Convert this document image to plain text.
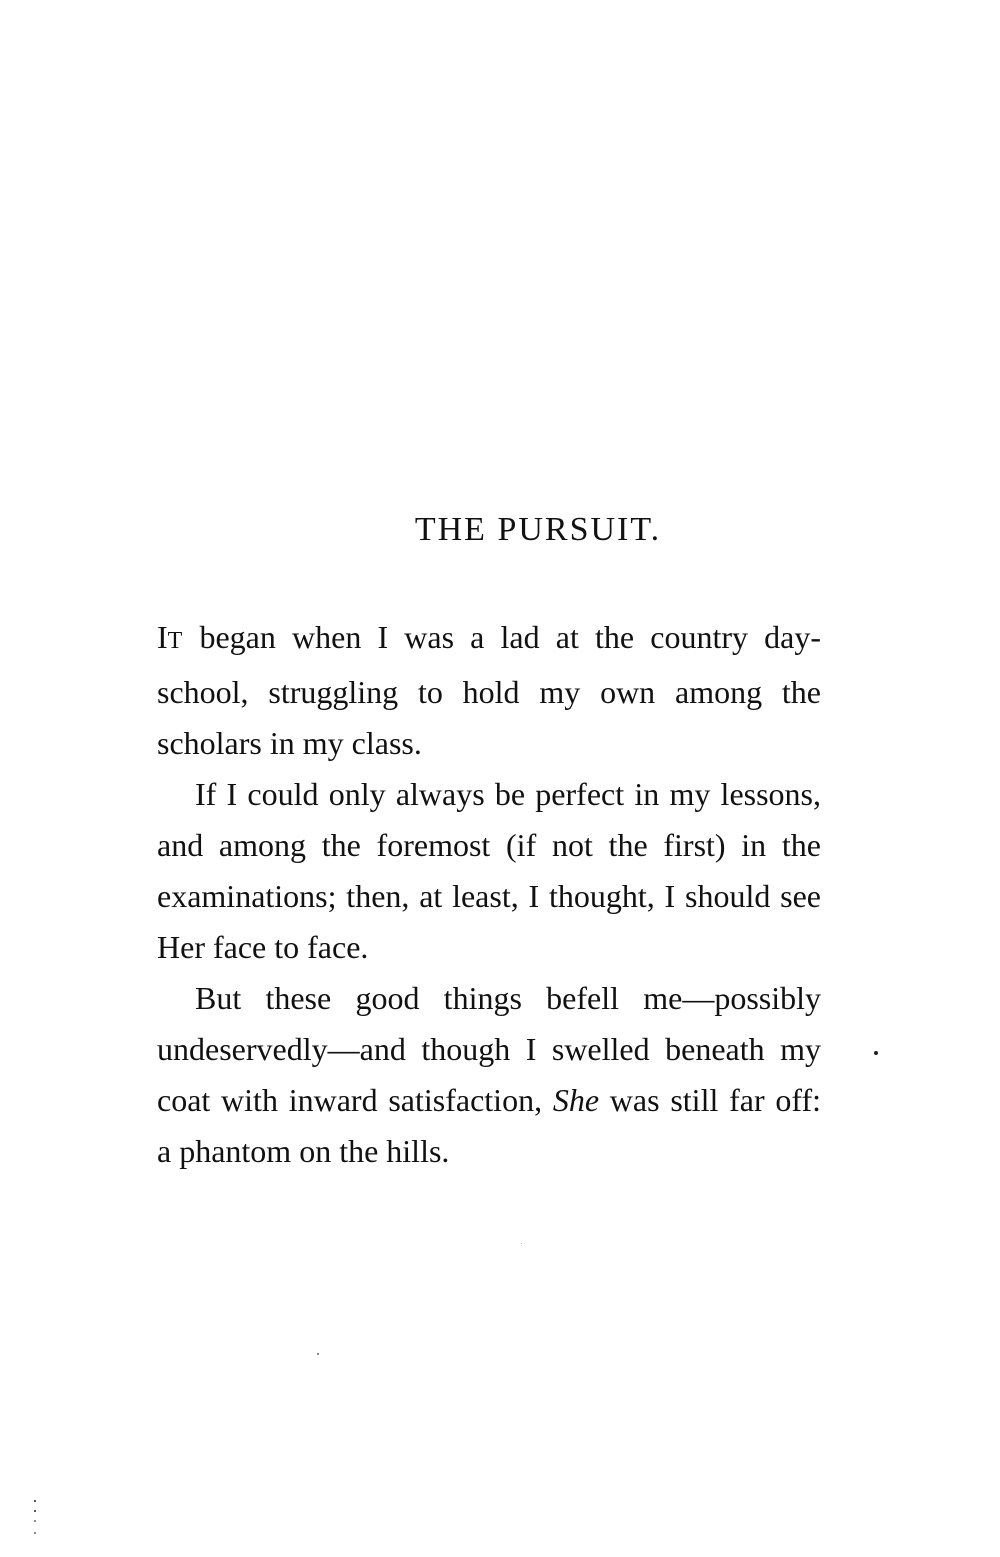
THE PURSUIT.

IT began when I was a lad at the country day-school, struggling to hold my own among the scholars in my class.

If I could only always be perfect in my lessons, and among the foremost (if not the first) in the examinations; then, at least, I thought, I should see Her face to face.

But these good things befell me—possibly undeservedly—and though I swelled beneath my coat with inward satisfaction, She was still far off: a phantom on the hills.
